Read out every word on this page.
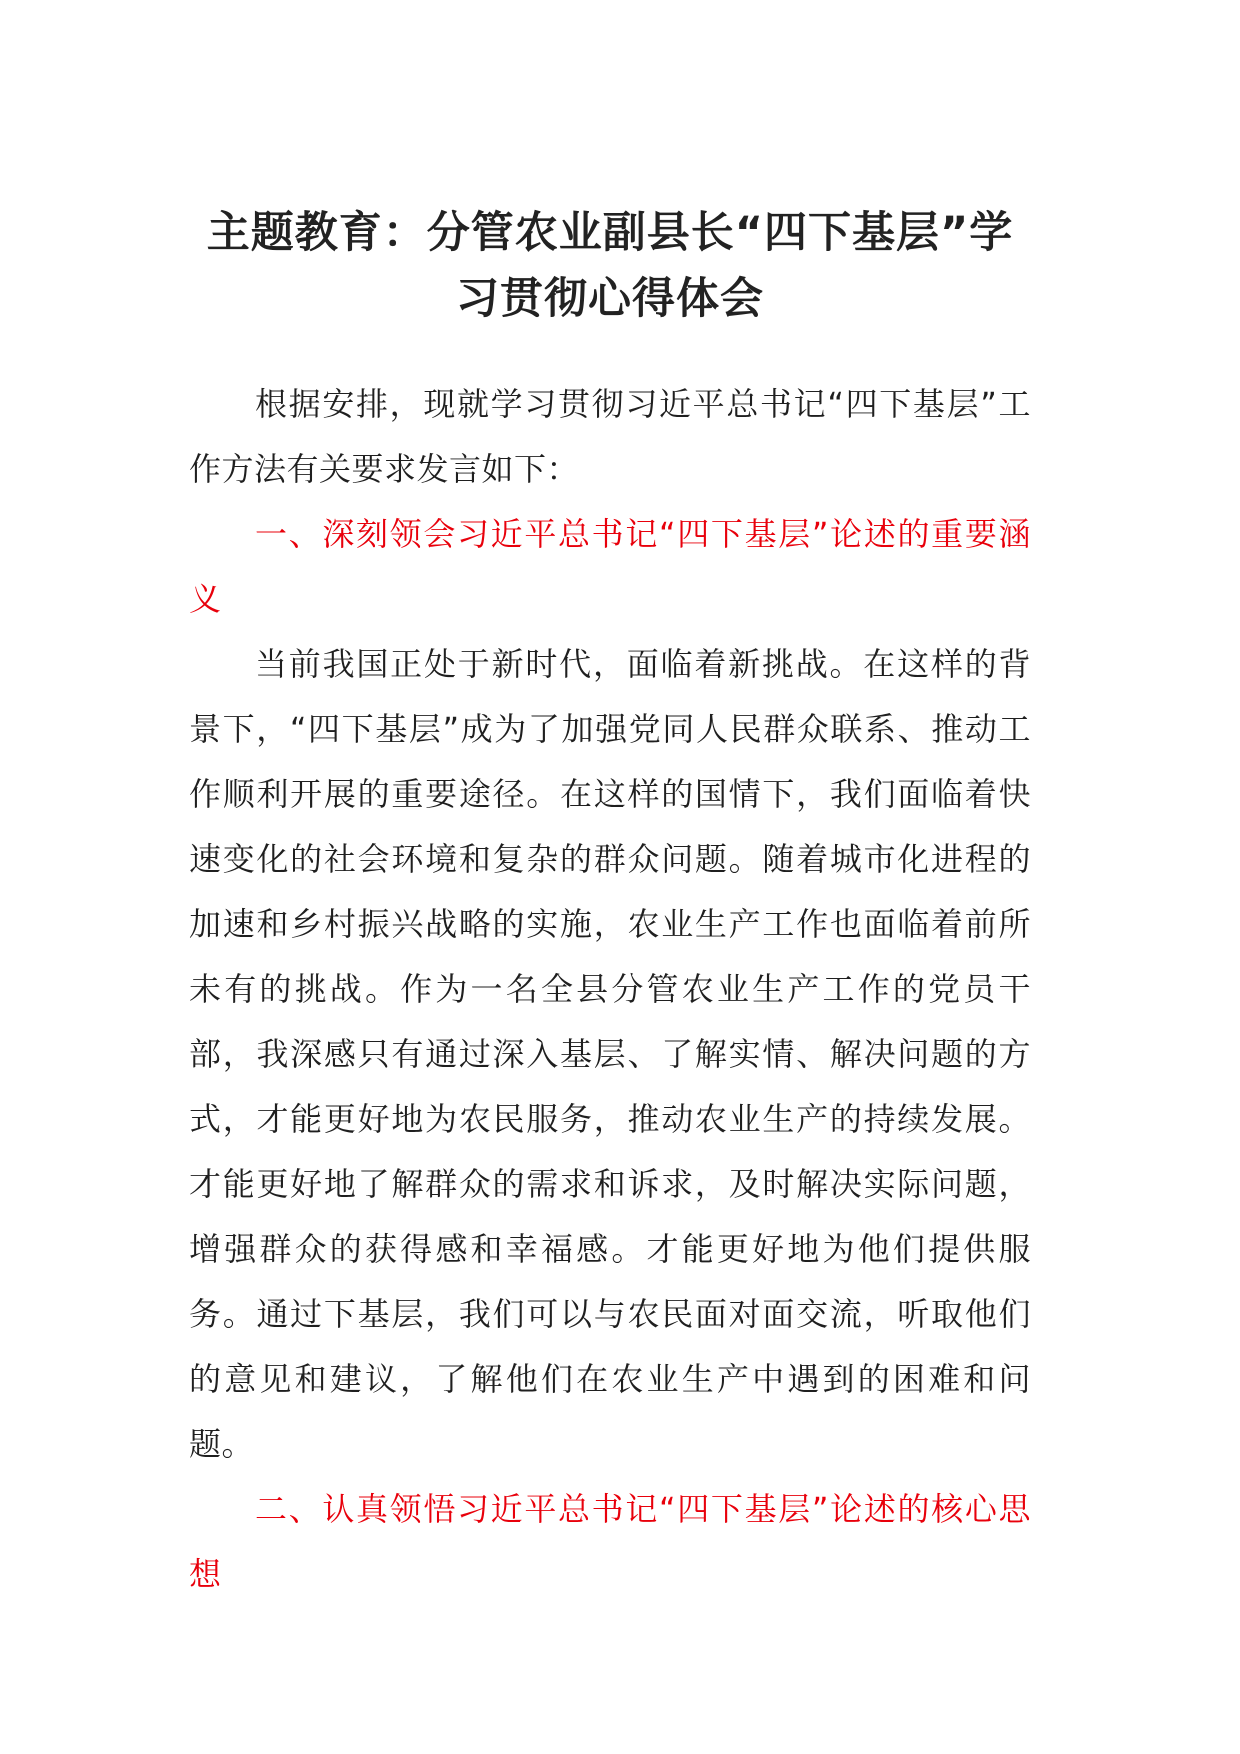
主题教育：分管农业副县长“四下基层”学习贯彻心得体会

根据安排，现就学习贯彻习近平总书记“四下基层”工作方法有关要求发言如下：

一、深刻领会习近平总书记“四下基层”论述的重要涵义

当前我国正处于新时代，面临着新挑战。在这样的背景下，“四下基层”成为了加强党同人民群众联系、推动工作顺利开展的重要途径。在这样的国情下，我们面临着快速变化的社会环境和复杂的群众问题。随着城市化进程的加速和乡村振兴战略的实施，农业生产工作也面临着前所未有的挑战。作为一名全县分管农业生产工作的党员干部，我深感只有通过深入基层、了解实情、解决问题的方式，才能更好地为农民服务，推动农业生产的持续发展。才能更好地了解群众的需求和诉求，及时解决实际问题，增强群众的获得感和幸福感。才能更好地为他们提供服务。通过下基层，我们可以与农民面对面交流，听取他们的意见和建议，了解他们在农业生产中遇到的困难和问题。

二、认真领悟习近平总书记“四下基层”论述的核心思想
